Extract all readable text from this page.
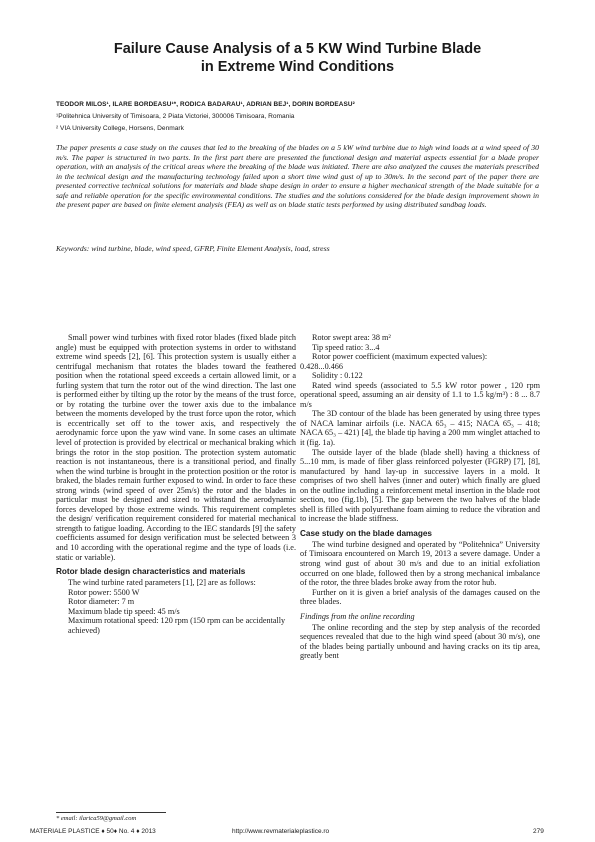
Failure Cause Analysis of a 5 KW Wind Turbine Blade
in Extreme Wind Conditions
TEODOR MILOS¹, ILARE BORDEASU¹*, RODICA BADARAU¹, ADRIAN BEJ¹, DORIN BORDEASU²
¹Politehnica University of Timisoara, 2 Piata Victoriei, 300006 Timisoara, Romania
² VIA University College, Horsens, Denmark
The paper presents a case study on the causes that led to the breaking of the blades on a 5 kW wind turbine due to high wind loads at a wind speed of 30 m/s. The paper is structured in two parts. In the first part there are presented the functional design and material aspects essential for a blade proper operation, with an analysis of the critical areas where the breaking of the blade was initiated. There are also analyzed the causes the materials prescribed in the technical design and the manufacturing technology failed upon a short time wind gust of up to 30m/s. In the second part of the paper there are presented corrective technical solutions for materials and blade shape design in order to ensure a higher mechanical strength of the blade suitable for a safe and reliable operation for the specific environmental conditions. The studies and the solutions considered for the blade design improvement shown in the present paper are based on finite element analysis (FEA) as well as on blade static tests performed by using distributed sandbag loads.
Keywords: wind turbine, blade, wind speed, GFRP, Finite Element Analysis, load, stress

Small power wind turbines with fixed rotor blades (fixed blade pitch angle) must be equipped with protection systems in order to withstand extreme wind speeds [2], [6]. This protection system is usually either a centrifugal mechanism that rotates the blades toward the feathered position when the rotational speed exceeds a certain allowed limit, or a furling system that turn the rotor out of the wind direction. The last one is performed either by tilting up the rotor by the means of the trust force, or by rotating the turbine over the tower axis due to the imbalance between the moments developed by the trust force upon the rotor, which is eccentrically set off to the tower axis, and respectively the aerodynamic force upon the yaw wind vane. In some cases an ultimate level of protection is provided by electrical or mechanical braking which brings the rotor in the stop position. The protection system automatic reaction is not instantaneous, there is a transitional period, and finally when the wind turbine is brought in the protection position or the rotor is braked, the blades remain further exposed to wind. In order to face these strong winds (wind speed of over 25m/s) the rotor and the blades in particular must be designed and sized to withstand the aerodynamic forces developed by those extreme winds. This requirement completes the design/ verification requirement considered for material mechanical strength to fatigue loading. According to the IEC standards [9] the safety coefficients assumed for design verification must be selected between 3 and 10 according with the operational regime and the type of loads (i.e. static or variable).

Rotor blade design characteristics and materials

The wind turbine rated parameters [1], [2] are as follows:

Rotor power: 5500 W
Rotor diameter: 7 m
Maximum blade tip speed: 45 m/s
Maximum rotational speed: 120 rpm (150 rpm can be accidentally achieved)
Rotor swept area: 38 m²
Tip speed ratio: 3...4
Rotor power coefficient (maximum expected values):
0.428...0.466
Solidity : 0.122

Rated wind speeds (associated to 5.5 kW rotor power , 120 rpm operational speed, assuming an air density of 1.1 to 1.5 kg/m³) : 8 ... 8.7 m/s

The 3D contour of the blade has been generated by using three types of NACA laminar airfoils (i.e. NACA 65₃ – 415; NACA 65₃ – 418; NACA 65₃ – 421) [4], the blade tip having a 200 mm winglet attached to it (fig. 1a).

The outside layer of the blade (blade shell) having a thickness of 5...10 mm, is made of fiber glass reinforced polyester (FGRP) [7], [8], manufactured by hand lay-up in successive layers in a mold. It comprises of two shell halves (inner and outer) which finally are glued on the outline including a reinforcement metal insertion in the blade root section, too (fig.1b), [5]. The gap between the two halves of the blade shell is filled with polyurethane foam aiming to reduce the vibration and to increase the blade stiffness.

Case study on the blade damages

The wind turbine designed and operated by “Politehnica” University of Timisoara encountered on March 19, 2013 a severe damage. Under a strong wind gust of about 30 m/s and due to an initial exfoliation occurred on one blade, followed then by a strong mechanical imbalance of the rotor, the three blades broke away from the rotor hub.

Further on it is given a brief analysis of the damages caused on the three blades.

Findings from the online recording

The online recording and the step by step analysis of the recorded sequences revealed that due to the high wind speed (about 30 m/s), one of the blades being partially unbound and having cracks on its tip area, greatly bent

* email: ilarica59@gmail.com
MATERIALE PLASTICE ♦ 50♦ No. 4 ♦ 2013	http://www.revmaterialeplastice.ro	279
